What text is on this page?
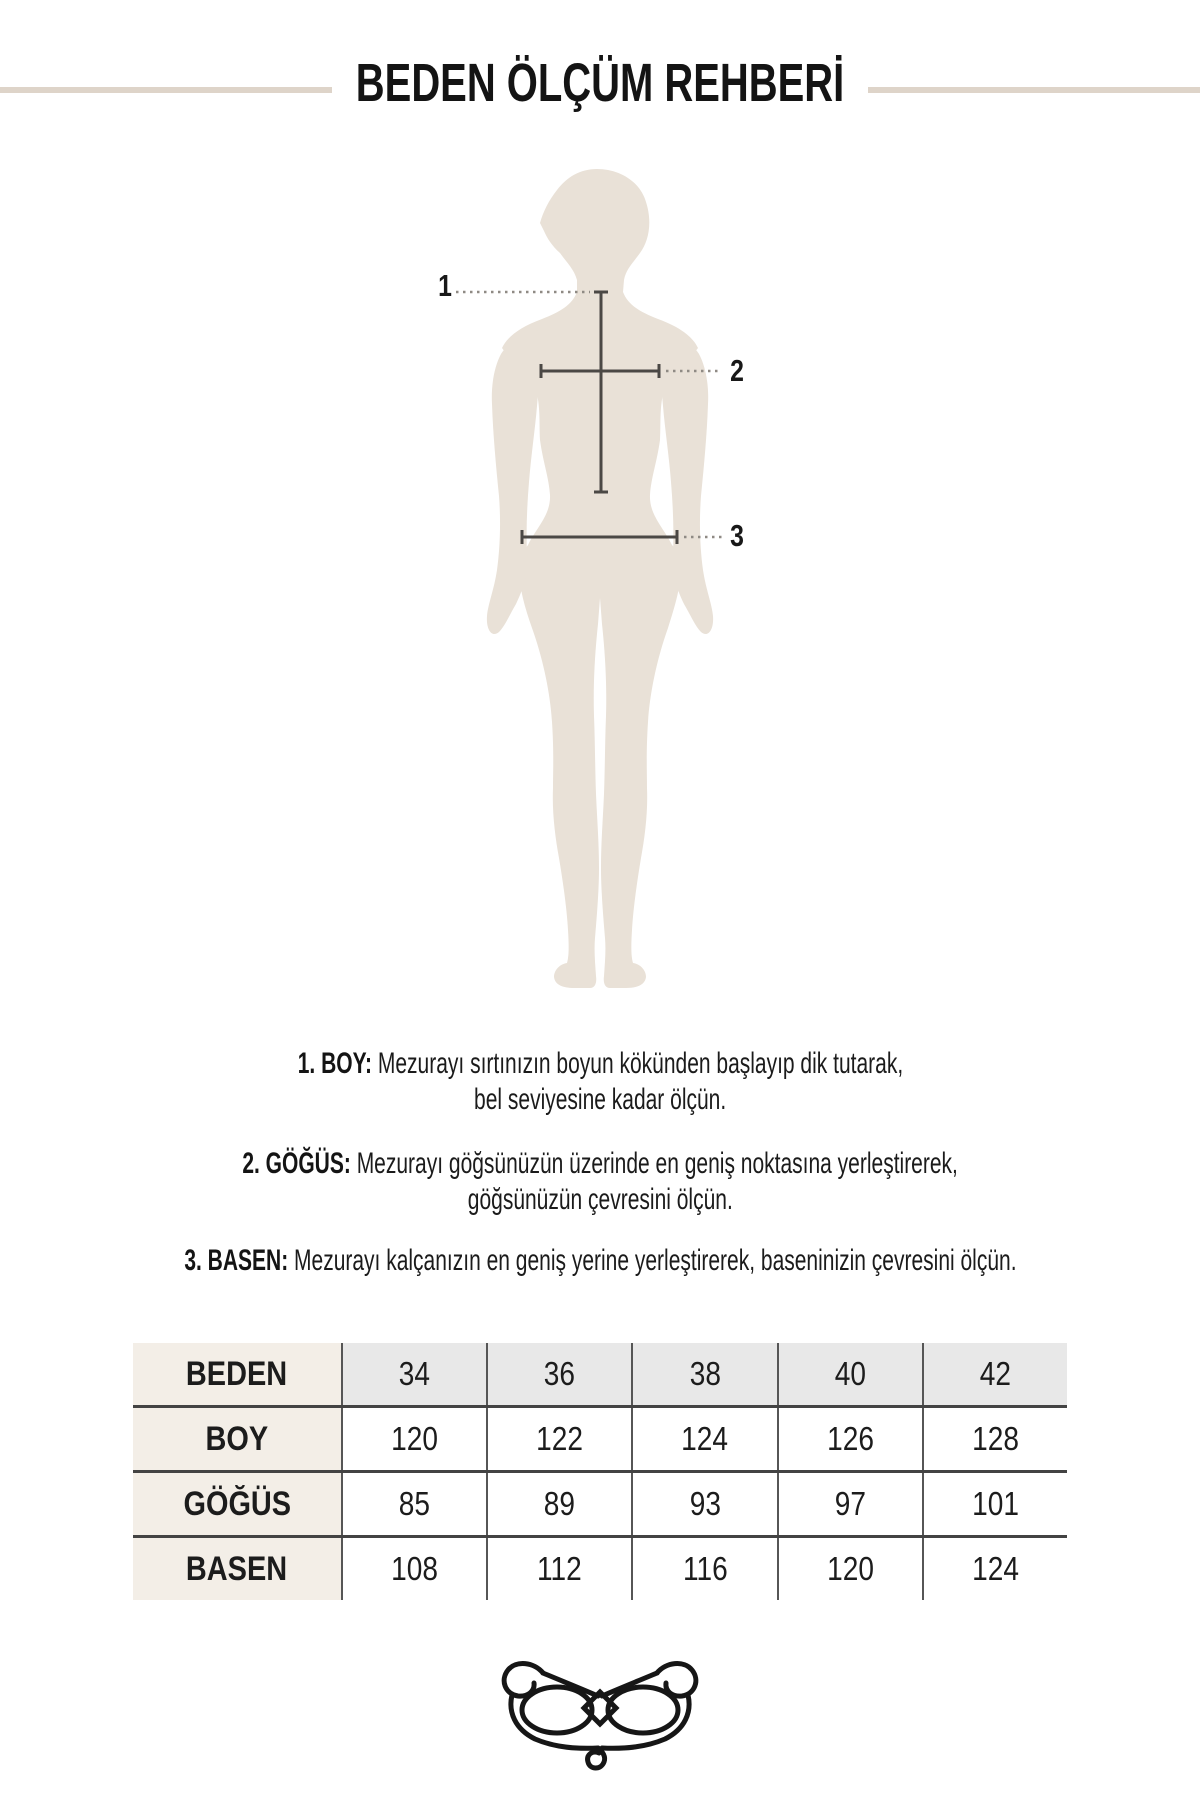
BEDEN ÖLÇÜM REHBERİ
1
2
3
1. BOY: Mezurayı sırtınızın boyun kökünden başlayıp dik tutarak,
bel seviyesine kadar ölçün.
2. GÖĞÜS: Mezurayı göğsünüzün üzerinde en geniş noktasına yerleştirerek,
göğsünüzün çevresini ölçün.
3. BASEN: Mezurayı kalçanızın en geniş yerine yerleştirerek, baseninizin çevresini ölçün.
BEDEN	34	36	38	40	42
BOY	120	122	124	126	128
GÖĞÜS	85	89	93	97	101
BASEN	108	112	116	120	124
